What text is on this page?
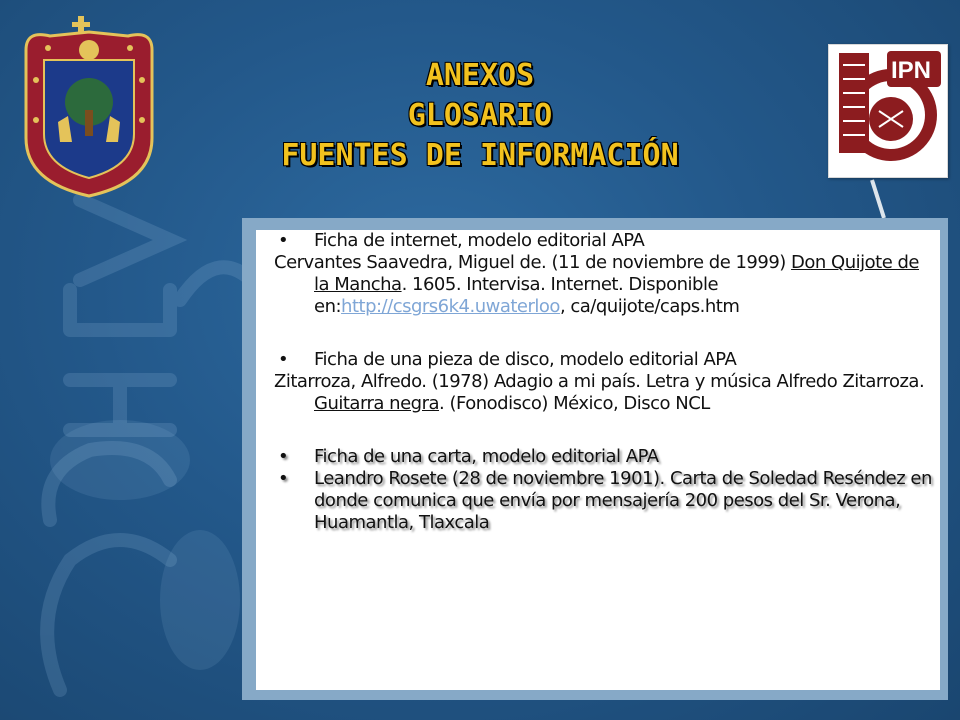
IPN
ANEXOS
GLOSARIO
FUENTES DE INFORMACIÓN
• Ficha de internet, modelo editorial APA
Cervantes Saavedra, Miguel de. (11 de noviembre de 1999) Don Quijote de la Mancha. 1605. Intervisa. Internet. Disponible en:http://csgrs6k4.uwaterloo, ca/quijote/caps.htm
• Ficha de una pieza de disco, modelo editorial APA
Zitarroza, Alfredo. (1978) Adagio a mi país. Letra y música Alfredo Zitarroza. Guitarra negra. (Fonodisco) México, Disco NCL
• Ficha de una carta, modelo editorial APA
• Leandro Rosete (28 de noviembre 1901). Carta de Soledad Reséndez en donde comunica que envía por mensajería 200 pesos del Sr. Verona, Huamantla, Tlaxcala
